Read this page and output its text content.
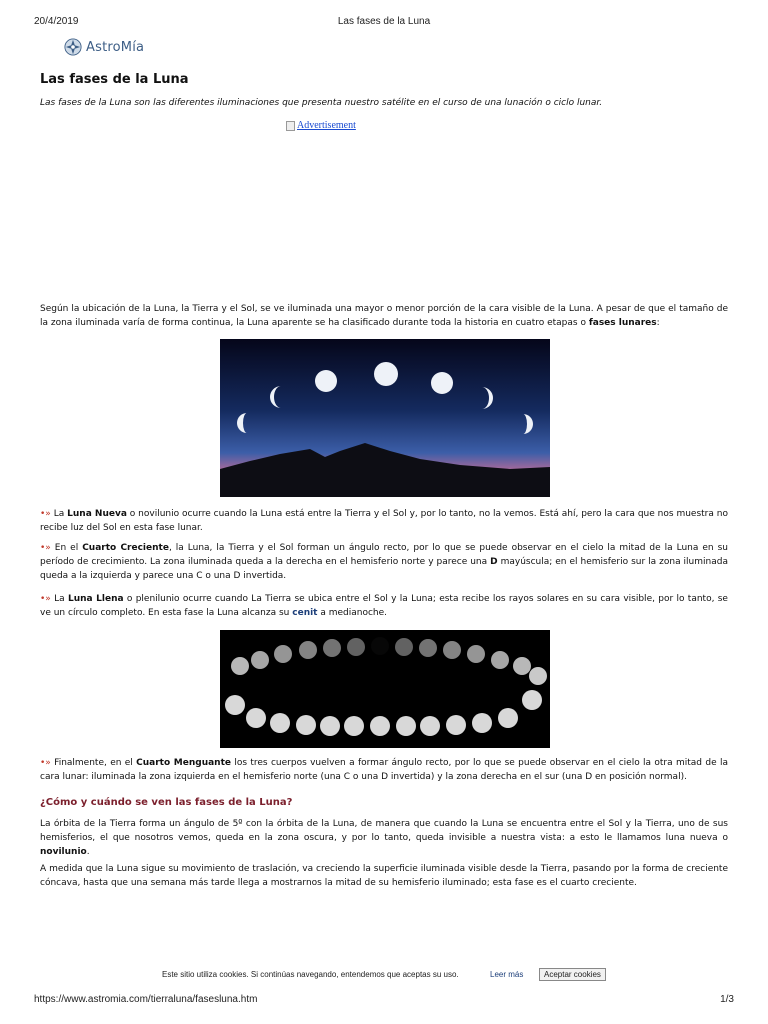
20/4/2019	Las fases de la Luna
AstroMía
Las fases de la Luna
Las fases de la Luna son las diferentes iluminaciones que presenta nuestro satélite en el curso de una lunación o ciclo lunar.
Advertisement

Según la ubicación de la Luna, la Tierra y el Sol, se ve iluminada una mayor o menor porción de la cara visible de la Luna. A pesar de que el tamaño de la zona iluminada varía de forma continua, la Luna aparente se ha clasificado durante toda la historia en cuatro etapas o fases lunares:

•» La Luna Nueva o novilunio ocurre cuando la Luna está entre la Tierra y el Sol y, por lo tanto, no la vemos. Está ahí, pero la cara que nos muestra no recibe luz del Sol en esta fase lunar.

•» En el Cuarto Creciente, la Luna, la Tierra y el Sol forman un ángulo recto, por lo que se puede observar en el cielo la mitad de la Luna en su período de crecimiento. La zona iluminada queda a la derecha en el hemisferio norte y parece una D mayúscula; en el hemisferio sur la zona iluminada queda a la izquierda y parece una C o una D invertida.

•» La Luna Llena o plenilunio ocurre cuando La Tierra se ubica entre el Sol y la Luna; esta recibe los rayos solares en su cara visible, por lo tanto, se ve un círculo completo. En esta fase la Luna alcanza su cenit a medianoche.

•» Finalmente, en el Cuarto Menguante los tres cuerpos vuelven a formar ángulo recto, por lo que se puede observar en el cielo la otra mitad de la cara lunar: iluminada la zona izquierda en el hemisferio norte (una C o una D invertida) y la zona derecha en el sur (una D en posición normal).

¿Cómo y cuándo se ven las fases de la Luna?

La órbita de la Tierra forma un ángulo de 5º con la órbita de la Luna, de manera que cuando la Luna se encuentra entre el Sol y la Tierra, uno de sus hemisferios, el que nosotros vemos, queda en la zona oscura, y por lo tanto, queda invisible a nuestra vista: a esto le llamamos luna nueva o novilunio.

A medida que la Luna sigue su movimiento de traslación, va creciendo la superficie iluminada visible desde la Tierra, pasando por la forma de creciente cóncava, hasta que una semana más tarde llega a mostrarnos la mitad de su hemisferio iluminado; esta fase es el cuarto creciente.

Este sitio utiliza cookies. Si continúas navegando, entendemos que aceptas su uso.	Leer más	Aceptar cookies
https://www.astromia.com/tierraluna/fasesluna.htm	1/3
